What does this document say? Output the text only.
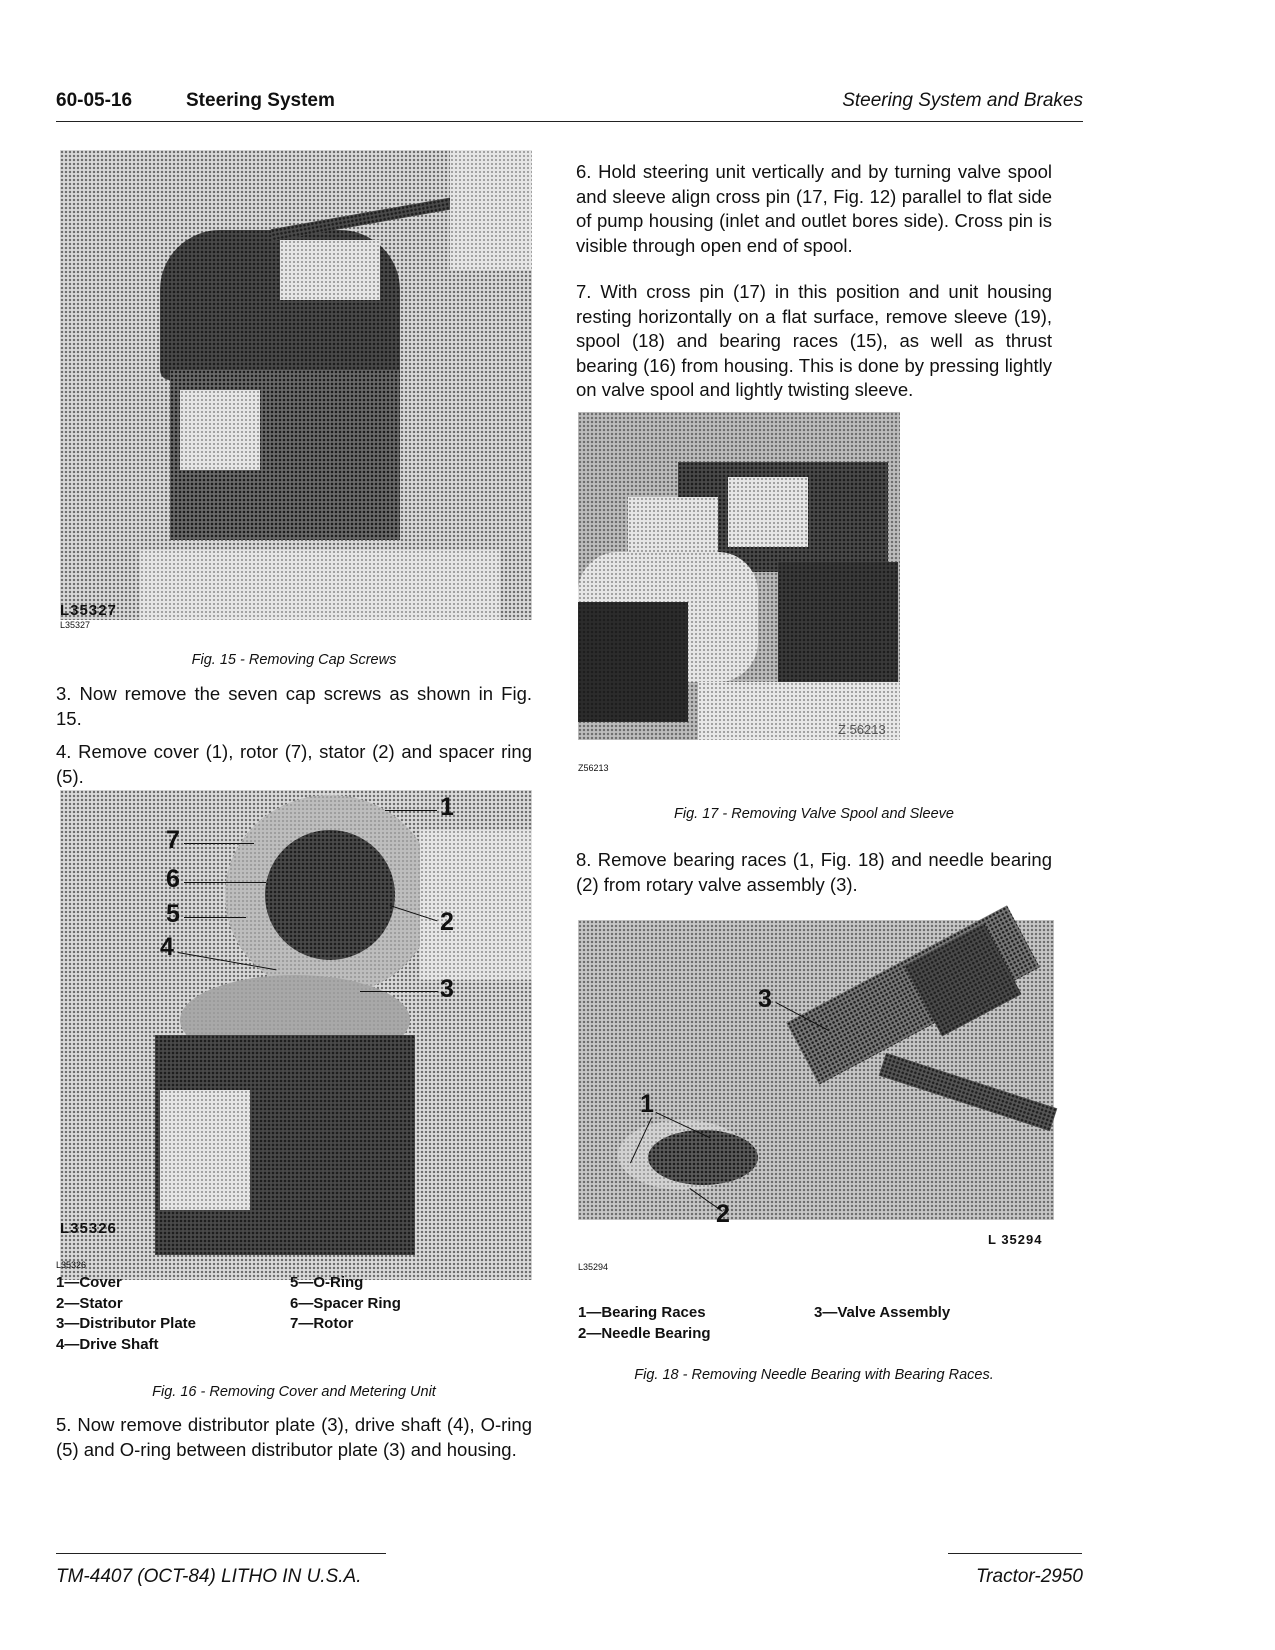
60-05-16	Steering System	Steering System and Brakes
L35327
L35327
Fig. 15 - Removing Cap Screws
3. Now remove the seven cap screws as shown in Fig. 15.
4. Remove cover (1), rotor (7), stator (2) and spacer ring (5).
1
7
6
5	2
4
3
L35326
L35326
1—Cover
2—Stator
3—Distributor Plate
4—Drive Shaft
5—O-Ring
6—Spacer Ring
7—Rotor
Fig. 16 - Removing Cover and Metering Unit
5. Now remove distributor plate (3), drive shaft (4), O-ring (5) and O-ring between distributor plate (3) and housing.
6. Hold steering unit vertically and by turning valve spool and sleeve align cross pin (17, Fig. 12) parallel to flat side of pump housing (inlet and outlet bores side). Cross pin is visible through open end of spool.
7. With cross pin (17) in this position and unit housing resting horizontally on a flat surface, remove sleeve (19), spool (18) and bearing races (15), as well as thrust bearing (16) from housing. This is done by pressing lightly on valve spool and lightly twisting sleeve.
Z 56213
Z56213
Fig. 17 - Removing Valve Spool and Sleeve
8. Remove bearing races (1, Fig. 18) and needle bearing (2) from rotary valve assembly (3).
3
1
2
L 35294
L35294
1—Bearing Races
2—Needle Bearing
3—Valve Assembly
Fig. 18 - Removing Needle Bearing with Bearing Races.
TM-4407 (OCT-84) LITHO IN U.S.A.	Tractor-2950
